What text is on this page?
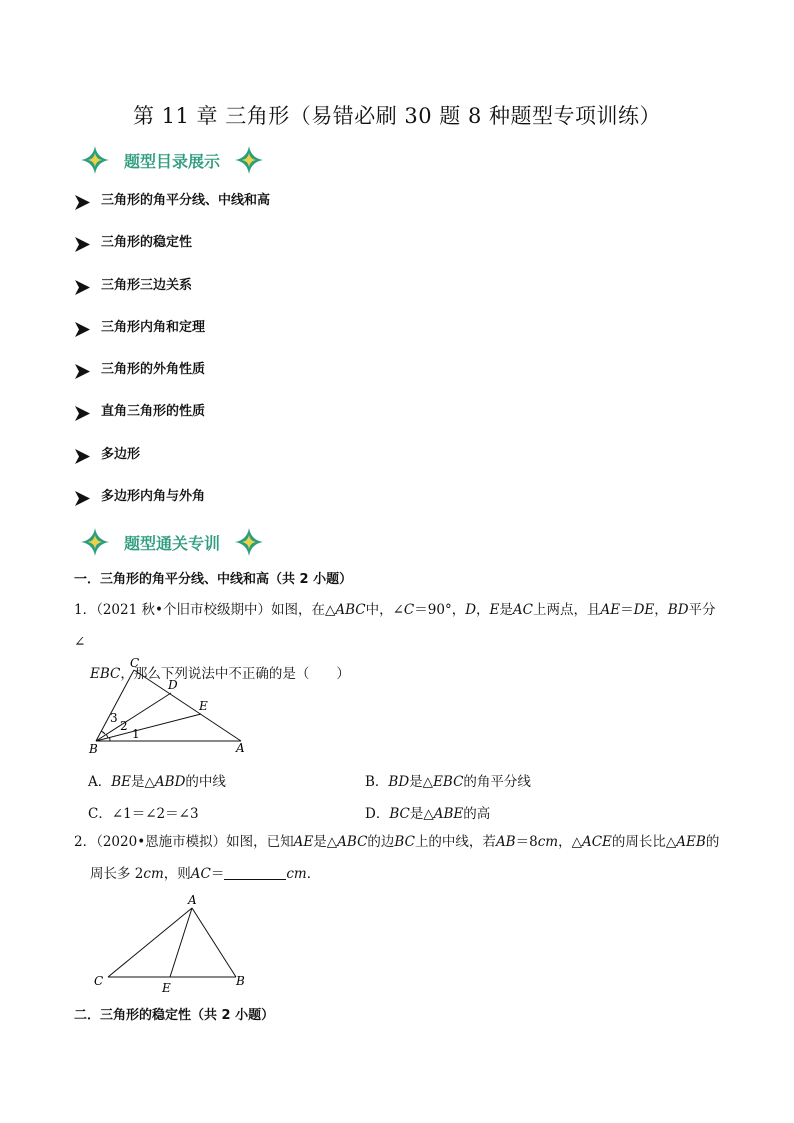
第 11 章 三角形（易错必刷 30 题 8 种题型专项训练）
题型目录展示
三角形的角平分线、中线和高
三角形的稳定性
三角形三边关系
三角形内角和定理
三角形的外角性质
直角三角形的性质
多边形
多边形内角与外角
题型通关专训
一．三角形的角平分线、中线和高（共 2 小题）
1．（2021 秋•个旧市校级期中）如图，在△ABC中，∠C＝90°，D，E是AC上两点，且AE＝DE，BD平分∠
EBC，那么下列说法中不正确的是（　　）
C
D
E
B	A
3
2
1
A．BE是△ABD的中线	B．BD是△EBC的角平分线
C．∠1＝∠2＝∠3	D．BC是△ABE的高
2．（2020•恩施市模拟）如图，已知AE是△ABC的边BC上的中线，若AB＝8cm，△ACE的周长比△AEB的
周长多 2cm，则AC＝	cm．
A
C	E	B
二．三角形的稳定性（共 2 小题）
